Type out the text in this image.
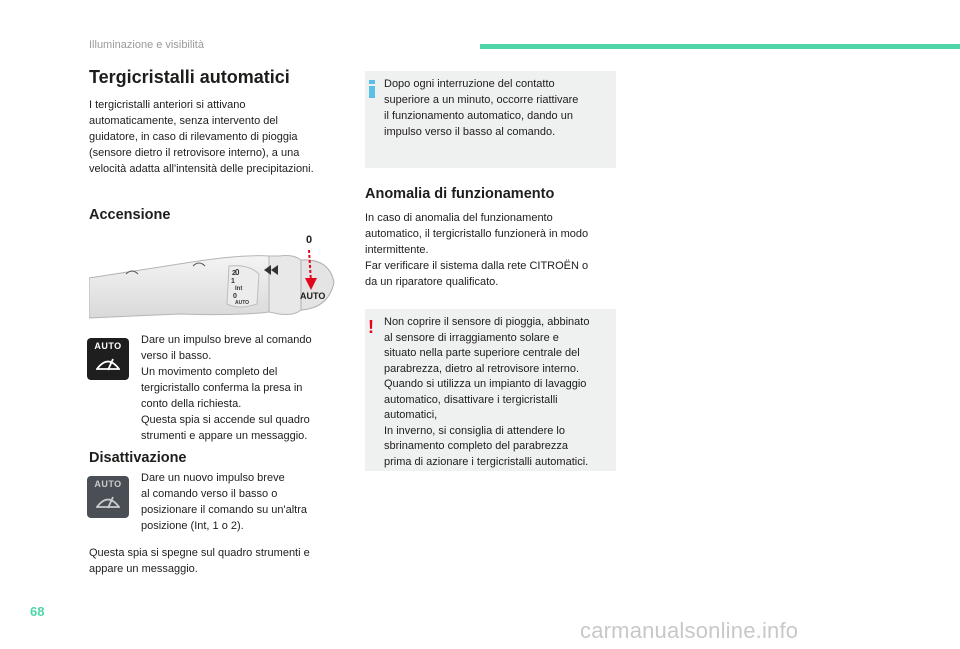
Illuminazione e visibilità
Tergicristalli automatici
I tergicristalli anteriori si attivano
automaticamente, senza intervento del
guidatore, in caso di rilevamento di pioggia
(sensore dietro il retrovisore interno), a una
velocità adatta all'intensità delle precipitazioni.
Accensione
0
AUTO
2
1
Int
0
AUTO
0
AUTO	Dare un impulso breve al comando
verso il basso.
Un movimento completo del
tergicristallo conferma la presa in
conto della richiesta.
Questa spia si accende sul quadro
strumenti e appare un messaggio.
Disattivazione
AUTO	Dare un nuovo impulso breve
al comando verso il basso o
posizionare il comando su un'altra
posizione (Int, 1 o 2).
Questa spia si spegne sul quadro strumenti e
appare un messaggio.
Dopo ogni interruzione del contatto
superiore a un minuto, occorre riattivare
il funzionamento automatico, dando un
impulso verso il basso al comando.
Anomalia di funzionamento
In caso di anomalia del funzionamento
automatico, il tergicristallo funzionerà in modo
intermittente.
Far verificare il sistema dalla rete CITROËN o
da un riparatore qualificato.
! Non coprire il sensore di pioggia, abbinato
al sensore di irraggiamento solare e
situato nella parte superiore centrale del
parabrezza, dietro al retrovisore interno.
Quando si utilizza un impianto di lavaggio
automatico, disattivare i tergicristalli
automatici,
In inverno, si consiglia di attendere lo
sbrinamento completo del parabrezza
prima di azionare i tergicristalli automatici.
68
carmanualsonline.info
